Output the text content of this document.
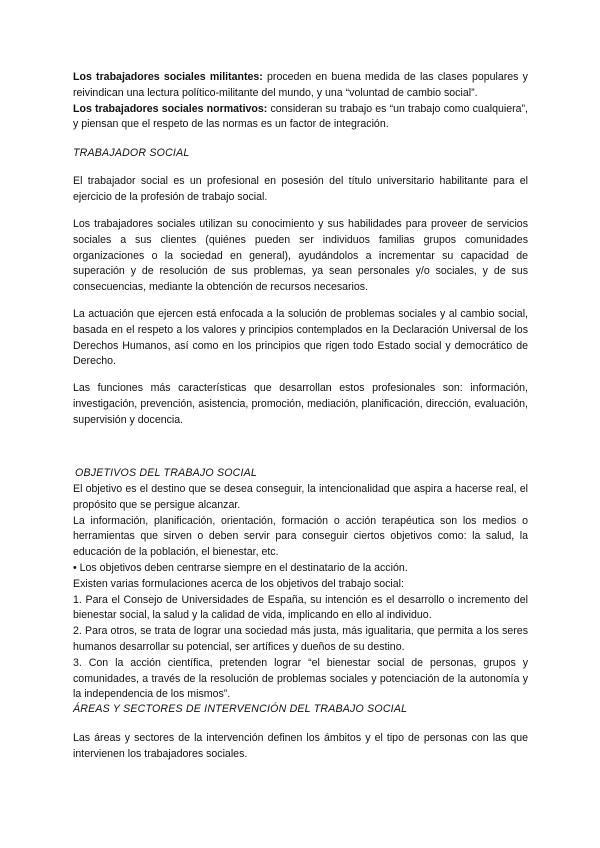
Los trabajadores sociales militantes: proceden en buena medida de las clases populares y reivindican una lectura político-militante del mundo, y una “voluntad de cambio social”.

Los trabajadores sociales normativos: consideran su trabajo es “un trabajo como cualquiera”, y piensan que el respeto de las normas es un factor de integración.

TRABAJADOR SOCIAL

El trabajador social es un profesional en posesión del título universitario habilitante para el ejercicio de la profesión de trabajo social.

Los trabajadores sociales utilizan su conocimiento y sus habilidades para proveer de servicios sociales a sus clientes (quiénes pueden ser individuos familias grupos comunidades organizaciones o la sociedad en general), ayudándolos a incrementar su capacidad de superación y de resolución de sus problemas, ya sean personales y/o sociales, y de sus consecuencias, mediante la obtención de recursos necesarios.

La actuación que ejercen está enfocada a la solución de problemas sociales y al cambio social, basada en el respeto a los valores y principios contemplados en la Declaración Universal de los Derechos Humanos, así como en los principios que rigen todo Estado social y democrático de Derecho.

Las funciones más características que desarrollan estos profesionales son: información, investigación, prevención, asistencia, promoción, mediación, planificación, dirección, evaluación, supervisión y docencia.

OBJETIVOS DEL TRABAJO SOCIAL

El objetivo es el destino que se desea conseguir, la intencionalidad que aspira a hacerse real, el propósito que se persigue alcanzar.

La información, planificación, orientación, formación o acción terapéutica son los medios o herramientas que sirven o deben servir para conseguir ciertos objetivos como: la salud, la educación de la población, el bienestar, etc.

• Los objetivos deben centrarse siempre en el destinatario de la acción.

Existen varias formulaciones acerca de los objetivos del trabajo social:

1. Para el Consejo de Universidades de España, su intención es el desarrollo o incremento del bienestar social, la salud y la calidad de vida, implicando en ello al individuo.

2. Para otros, se trata de lograr una sociedad más justa, más igualitaria, que permita a los seres humanos desarrollar su potencial, ser artífices y dueños de su destino.

3. Con la acción científica, pretenden lograr “el bienestar social de personas, grupos y comunidades, a través de la resolución de problemas sociales y potenciación de la autonomía y la independencia de los mismos”.

ÁREAS Y SECTORES DE INTERVENCIÓN DEL TRABAJO SOCIAL

Las áreas y sectores de la intervención definen los ámbitos y el tipo de personas con las que intervienen los trabajadores sociales.
